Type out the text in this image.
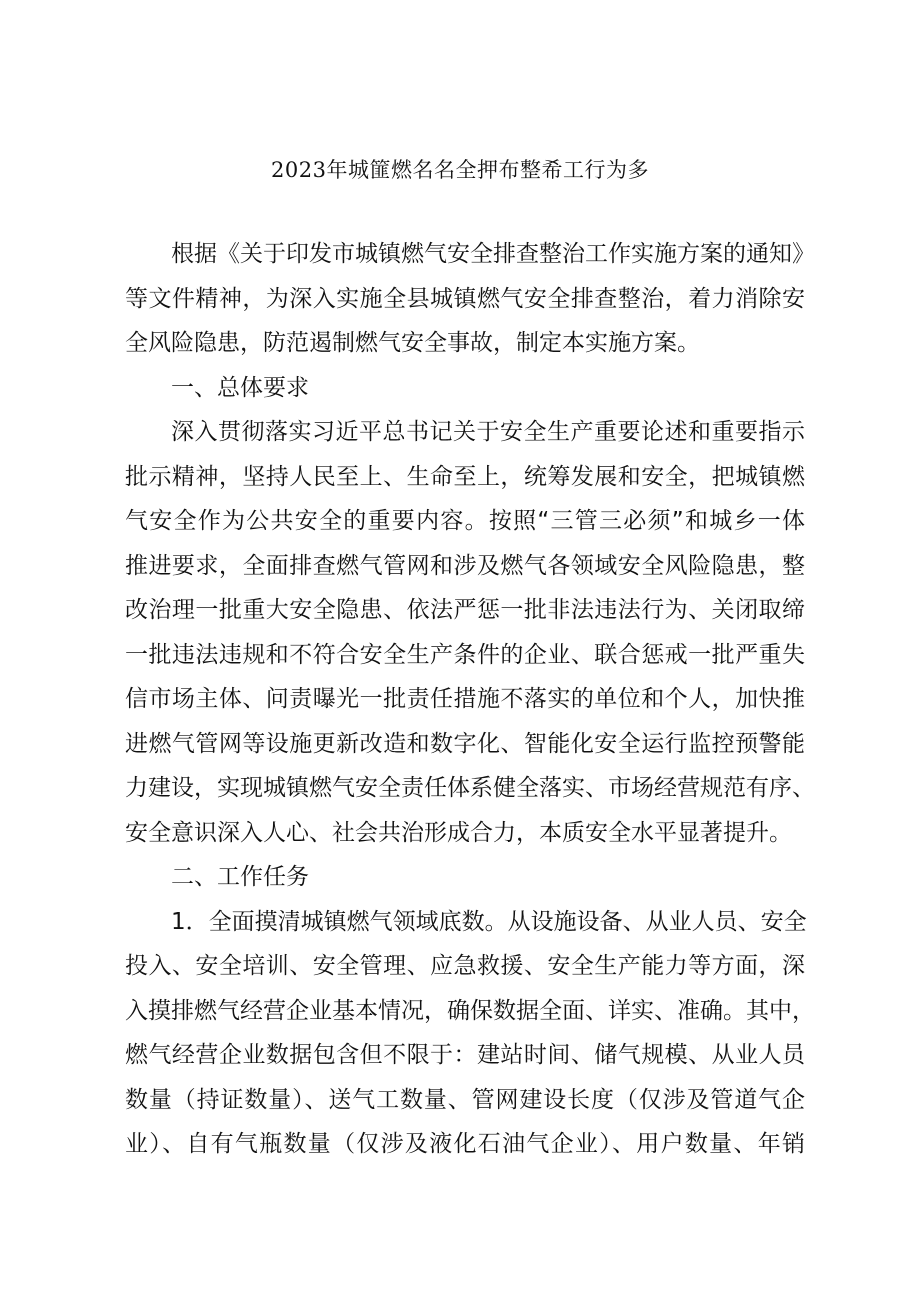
2023年城篚燃名名全押布整希工行为多
根据《关于印发市城镇燃气安全排查整治工作实施方案的通知》
等文件精神，为深入实施全县城镇燃气安全排查整治，着力消除安
全风险隐患，防范遏制燃气安全事故，制定本实施方案。
一、总体要求
深入贯彻落实习近平总书记关于安全生产重要论述和重要指示
批示精神，坚持人民至上、生命至上，统筹发展和安全，把城镇燃
气安全作为公共安全的重要内容。按照“三管三必须”和城乡一体
推进要求，全面排查燃气管网和涉及燃气各领域安全风险隐患，整
改治理一批重大安全隐患、依法严惩一批非法违法行为、关闭取缔
一批违法违规和不符合安全生产条件的企业、联合惩戒一批严重失
信市场主体、问责曝光一批责任措施不落实的单位和个人，加快推
进燃气管网等设施更新改造和数字化、智能化安全运行监控预警能
力建设，实现城镇燃气安全责任体系健全落实、市场经营规范有序、
安全意识深入人心、社会共治形成合力，本质安全水平显著提升。
二、工作任务
1．全面摸清城镇燃气领域底数。从设施设备、从业人员、安全
投入、安全培训、安全管理、应急救援、安全生产能力等方面，深
入摸排燃气经营企业基本情况，确保数据全面、详实、准确。其中，
燃气经营企业数据包含但不限于：建站时间、储气规模、从业人员
数量（持证数量）、送气工数量、管网建设长度（仅涉及管道气企
业）、自有气瓶数量（仅涉及液化石油气企业）、用户数量、年销
